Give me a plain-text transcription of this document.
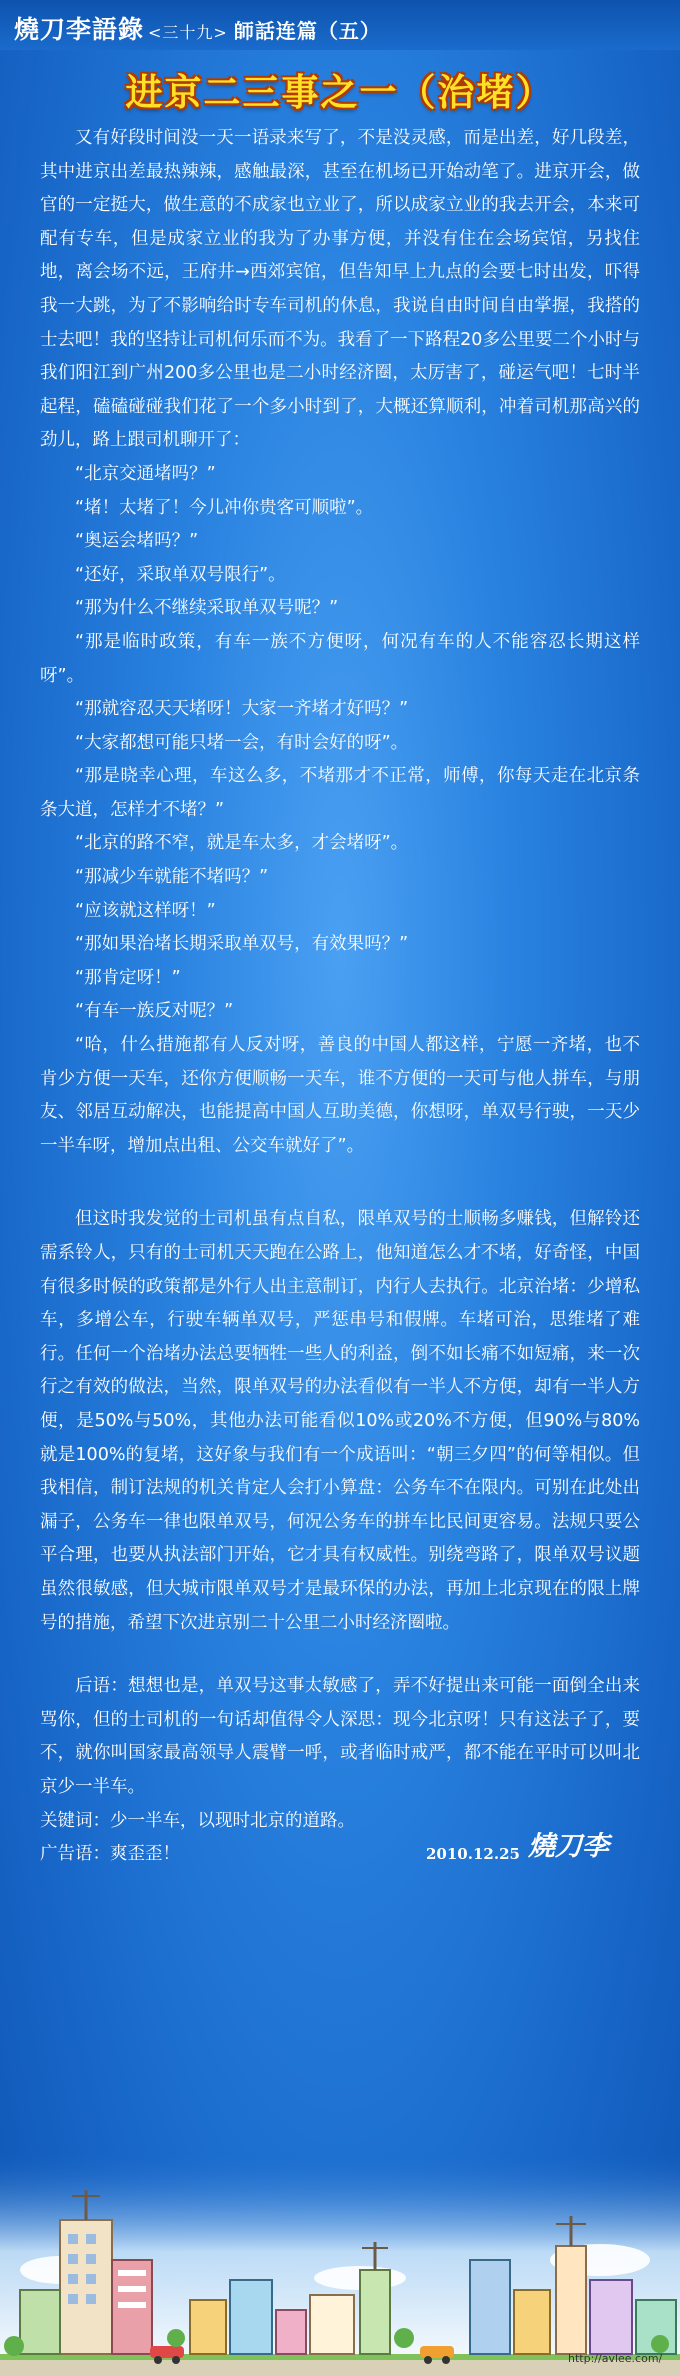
燒刀李語錄 <三十九> 師話连篇（五）
进京二三事之一（治堵）

又有好段时间没一天一语录来写了，不是没灵感，而是出差，好几段差，其中进京出差最热辣辣，感触最深，甚至在机场已开始动笔了。进京开会，做官的一定挺大，做生意的不成家也立业了，所以成家立业的我去开会，本来可配有专车，但是成家立业的我为了办事方便，并没有住在会场宾馆，另找住地，离会场不远，王府井→西郊宾馆，但告知早上九点的会要七时出发，吓得我一大跳，为了不影响给时专车司机的休息，我说自由时间自由掌握，我搭的士去吧！我的坚持让司机何乐而不为。我看了一下路程20多公里要二个小时与我们阳江到广州200多公里也是二小时经济圈，太厉害了，碰运气吧！七时半起程，磕磕碰碰我们花了一个多小时到了，大概还算顺利，冲着司机那高兴的劲儿，路上跟司机聊开了：

“北京交通堵吗？”

“堵！太堵了！今儿冲你贵客可顺啦”。

“奥运会堵吗？”

“还好，采取单双号限行”。

“那为什么不继续采取单双号呢？”

“那是临时政策，有车一族不方便呀，何况有车的人不能容忍长期这样呀”。

“那就容忍天天堵呀！大家一齐堵才好吗？”

“大家都想可能只堵一会，有时会好的呀”。

“那是晓幸心理，车这么多，不堵那才不正常，师傅，你每天走在北京条条大道，怎样才不堵？”

“北京的路不窄，就是车太多，才会堵呀”。

“那减少车就能不堵吗？”

“应该就这样呀！”

“那如果治堵长期采取单双号，有效果吗？”

“那肯定呀！”

“有车一族反对呢？”

“哈，什么措施都有人反对呀，善良的中国人都这样，宁愿一齐堵，也不肯少方便一天车，还你方便顺畅一天车，谁不方便的一天可与他人拼车，与朋友、邻居互动解决，也能提高中国人互助美德，你想呀，单双号行驶，一天少一半车呀，增加点出租、公交车就好了”。

但这时我发觉的士司机虽有点自私，限单双号的士顺畅多赚钱，但解铃还需系铃人，只有的士司机天天跑在公路上，他知道怎么才不堵，好奇怪，中国有很多时候的政策都是外行人出主意制订，内行人去执行。北京治堵：少增私车，多增公车，行驶车辆单双号，严惩串号和假牌。车堵可治，思维堵了难行。任何一个治堵办法总要牺牲一些人的利益，倒不如长痛不如短痛，来一次行之有效的做法，当然，限单双号的办法看似有一半人不方便，却有一半人方便，是50%与50%，其他办法可能看似10%或20%不方便，但90%与80%就是100%的复堵，这好象与我们有一个成语叫：“朝三夕四”的何等相似。但我相信，制订法规的机关肯定人会打小算盘：公务车不在限内。可别在此处出漏子，公务车一律也限单双号，何况公务车的拼车比民间更容易。法规只要公平合理，也要从执法部门开始，它才具有权威性。别绕弯路了，限单双号议题虽然很敏感，但大城市限单双号才是最环保的办法，再加上北京现在的限上牌号的措施，希望下次进京别二十公里二小时经济圈啦。

后语：想想也是，单双号这事太敏感了，弄不好提出来可能一面倒全出来骂你，但的士司机的一句话却值得令人深思：现今北京呀！只有这法子了，要不，就你叫国家最高领导人震臂一呼，或者临时戒严，都不能在平时可以叫北京少一半车。

关键词：少一半车，以现时北京的道路。

广告语：爽歪歪！	2010.12.25 燒刀李
http://avlee.com/
